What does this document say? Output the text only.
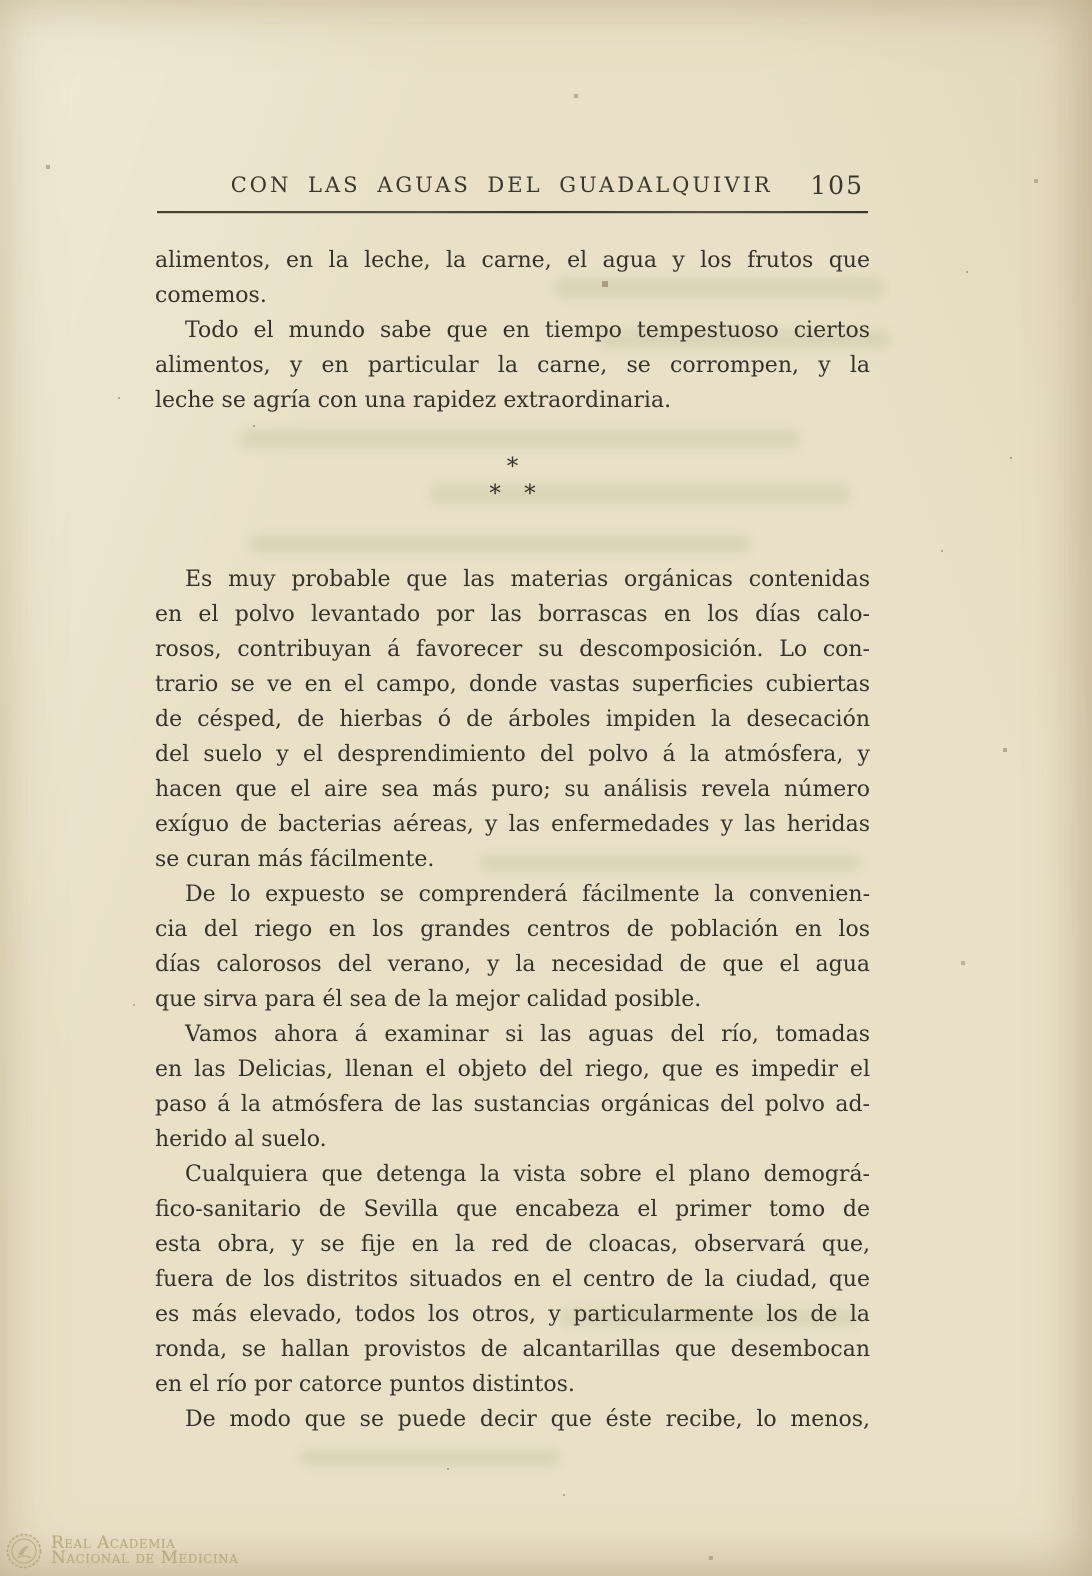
CON LAS AGUAS DEL GUADALQUIVIR 105

alimentos, en la leche, la carne, el agua y los frutos que
comemos.

Todo el mundo sabe que en tiempo tempestuoso ciertos
alimentos, y en particular la carne, se corrompen, y la
leche se agría con una rapidez extraordinaria.

*
* *

Es muy probable que las materias orgánicas contenidas
en el polvo levantado por las borrascas en los días calo-
rosos, contribuyan á favorecer su descomposición. Lo con-
trario se ve en el campo, donde vastas superficies cubiertas
de césped, de hierbas ó de árboles impiden la desecación
del suelo y el desprendimiento del polvo á la atmósfera, y
hacen que el aire sea más puro; su análisis revela número
exíguo de bacterias aéreas, y las enfermedades y las heridas
se curan más fácilmente.

De lo expuesto se comprenderá fácilmente la convenien-
cia del riego en los grandes centros de población en los
días calorosos del verano, y la necesidad de que el agua
que sirva para él sea de la mejor calidad posible.

Vamos ahora á examinar si las aguas del río, tomadas
en las Delicias, llenan el objeto del riego, que es impedir el
paso á la atmósfera de las sustancias orgánicas del polvo ad-
herido al suelo.

Cualquiera que detenga la vista sobre el plano demográ-
fico-sanitario de Sevilla que encabeza el primer tomo de
esta obra, y se fije en la red de cloacas, observará que,
fuera de los distritos situados en el centro de la ciudad, que
es más elevado, todos los otros, y particularmente los de la
ronda, se hallan provistos de alcantarillas que desembocan
en el río por catorce puntos distintos.

De modo que se puede decir que éste recibe, lo menos,

Real Academia
Nacional de Medicina
